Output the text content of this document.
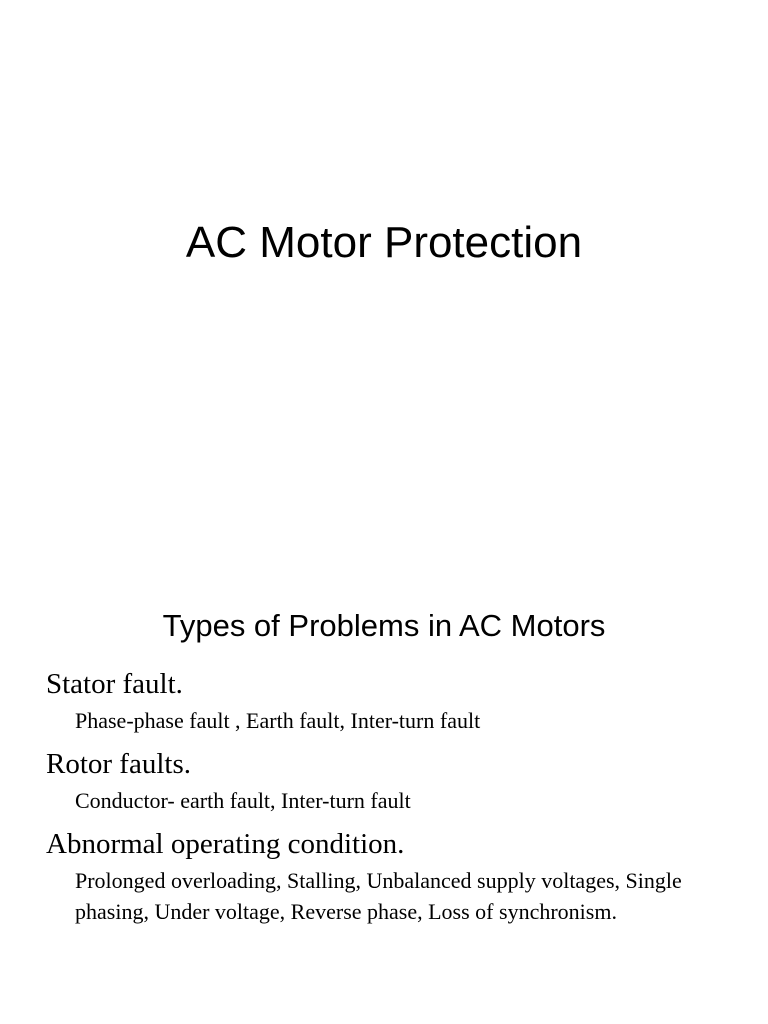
AC Motor Protection
Types of Problems in AC Motors
Stator fault.
Phase-phase fault , Earth fault, Inter-turn fault
Rotor faults.
Conductor- earth fault, Inter-turn fault
Abnormal operating condition.
Prolonged overloading, Stalling, Unbalanced supply voltages, Single phasing, Under voltage, Reverse phase, Loss of synchronism.
